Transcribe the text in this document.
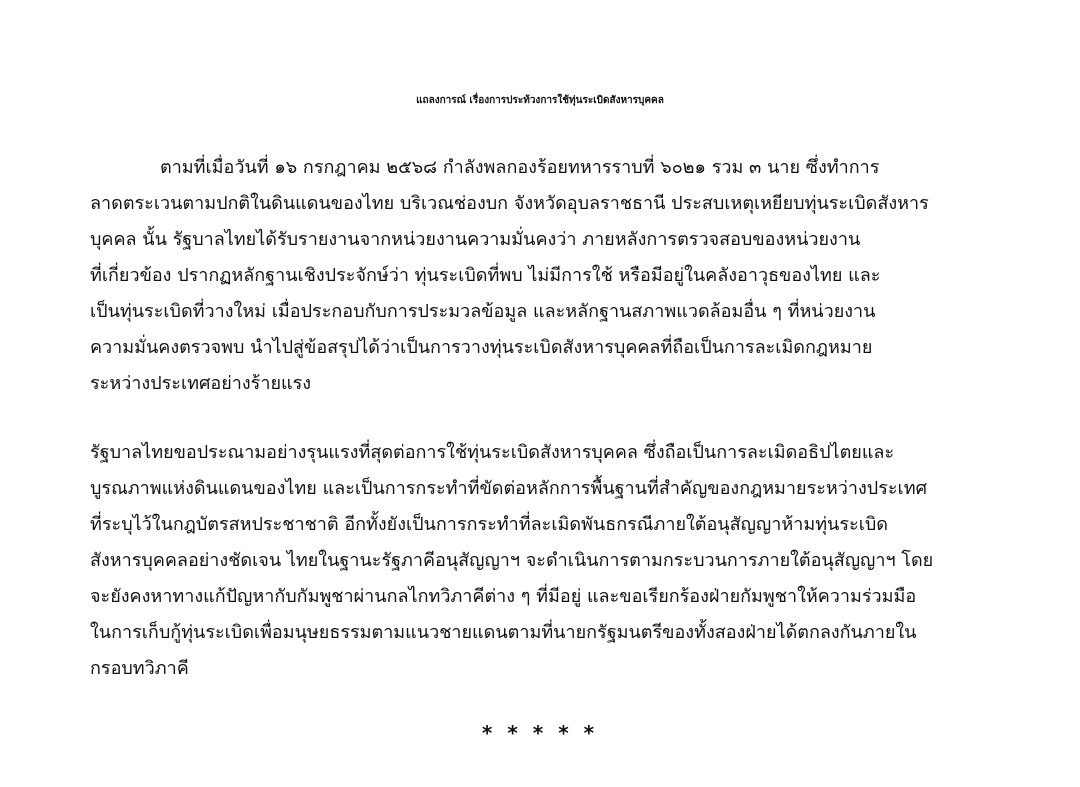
แถลงการณ์ เรื่องการประท้วงการใช้ทุ่นระเบิดสังหารบุคคล
ตามที่เมื่อวันที่ ๑๖ กรกฎาคม ๒๕๖๘ กำลังพลกองร้อยทหารราบที่ ๖๐๒๑ รวม ๓ นาย ซึ่งทำการ
ลาดตระเวนตามปกติในดินแดนของไทย บริเวณช่องบก จังหวัดอุบลราชธานี ประสบเหตุเหยียบทุ่นระเบิดสังหาร
บุคคล นั้น รัฐบาลไทยได้รับรายงานจากหน่วยงานความมั่นคงว่า ภายหลังการตรวจสอบของหน่วยงาน
ที่เกี่ยวข้อง ปรากฏหลักฐานเชิงประจักษ์ว่า ทุ่นระเบิดที่พบ ไม่มีการใช้ หรือมีอยู่ในคลังอาวุธของไทย และ
เป็นทุ่นระเบิดที่วางใหม่ เมื่อประกอบกับการประมวลข้อมูล และหลักฐานสภาพแวดล้อมอื่น ๆ ที่หน่วยงาน
ความมั่นคงตรวจพบ นำไปสู่ข้อสรุปได้ว่าเป็นการวางทุ่นระเบิดสังหารบุคคลที่ถือเป็นการละเมิดกฎหมาย
ระหว่างประเทศอย่างร้ายแรง
รัฐบาลไทยขอประณามอย่างรุนแรงที่สุดต่อการใช้ทุ่นระเบิดสังหารบุคคล ซึ่งถือเป็นการละเมิดอธิปไตยและ
บูรณภาพแห่งดินแดนของไทย และเป็นการกระทำที่ขัดต่อหลักการพื้นฐานที่สำคัญของกฎหมายระหว่างประเทศ
ที่ระบุไว้ในกฎบัตรสหประชาชาติ อีกทั้งยังเป็นการกระทำที่ละเมิดพันธกรณีภายใต้อนุสัญญาห้ามทุ่นระเบิด
สังหารบุคคลอย่างชัดเจน ไทยในฐานะรัฐภาคีอนุสัญญาฯ จะดำเนินการตามกระบวนการภายใต้อนุสัญญาฯ โดย
จะยังคงหาทางแก้ปัญหากับกัมพูชาผ่านกลไกทวิภาคีต่าง ๆ ที่มีอยู่ และขอเรียกร้องฝ่ายกัมพูชาให้ความร่วมมือ
ในการเก็บกู้ทุ่นระเบิดเพื่อมนุษยธรรมตามแนวชายแดนตามที่นายกรัฐมนตรีของทั้งสองฝ่ายได้ตกลงกันภายใน
กรอบทวิภาคี
* * * * *
